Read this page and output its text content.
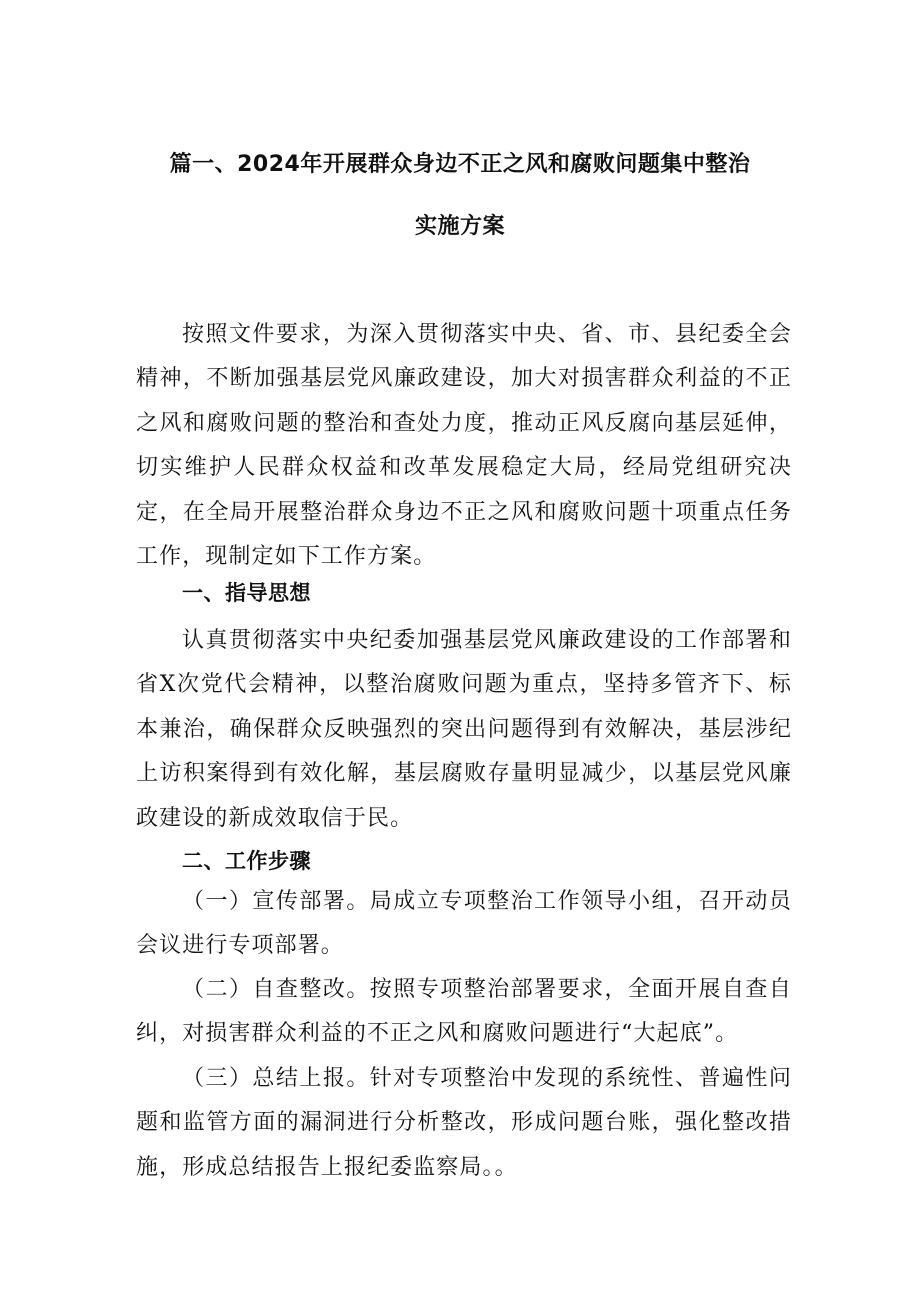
篇一、2024年开展群众身边不正之风和腐败问题集中整治
实施方案

按照文件要求，为深入贯彻落实中央、省、市、县纪委全会精神，不断加强基层党风廉政建设，加大对损害群众利益的不正之风和腐败问题的整治和查处力度，推动正风反腐向基层延伸，切实维护人民群众权益和改革发展稳定大局，经局党组研究决定，在全局开展整治群众身边不正之风和腐败问题十项重点任务工作，现制定如下工作方案。

一、指导思想

认真贯彻落实中央纪委加强基层党风廉政建设的工作部署和省X次党代会精神，以整治腐败问题为重点，坚持多管齐下、标本兼治，确保群众反映强烈的突出问题得到有效解决，基层涉纪上访积案得到有效化解，基层腐败存量明显减少，以基层党风廉政建设的新成效取信于民。

二、工作步骤

（一）宣传部署。局成立专项整治工作领导小组，召开动员会议进行专项部署。

（二）自查整改。按照专项整治部署要求，全面开展自查自纠，对损害群众利益的不正之风和腐败问题进行“大起底”。

（三）总结上报。针对专项整治中发现的系统性、普遍性问题和监管方面的漏洞进行分析整改，形成问题台账，强化整改措施，形成总结报告上报纪委监察局。。
